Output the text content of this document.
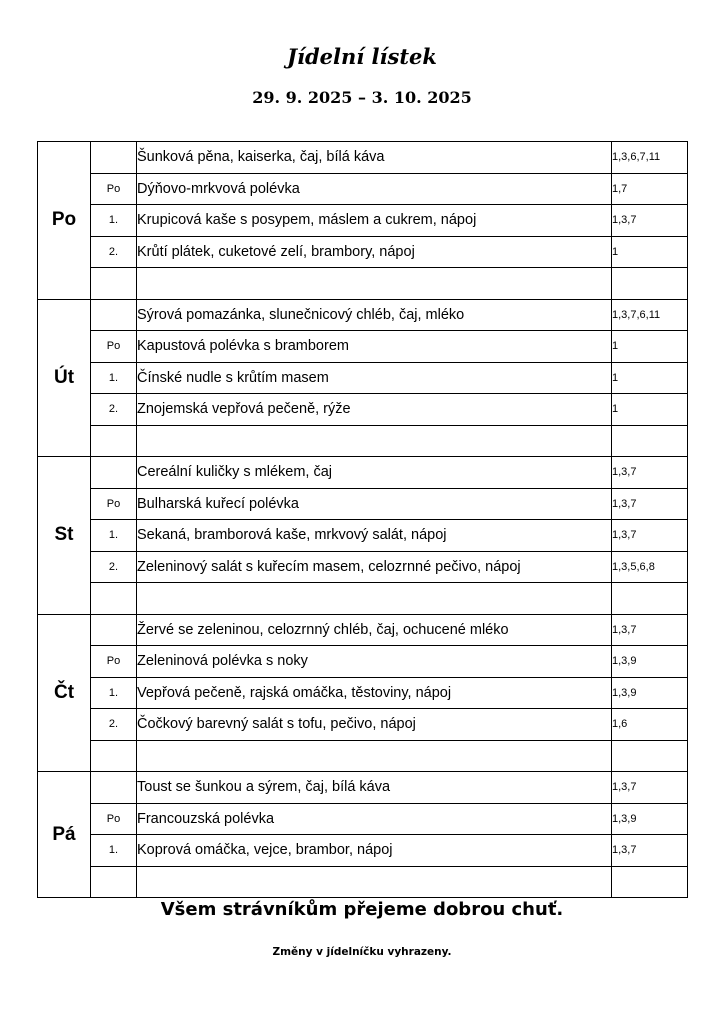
Jídelní lístek
29. 9. 2025 – 3. 10. 2025
Po		Šunková pěna, kaiserka, čaj, bílá káva	1,3,6,7,11
	Po	Dýňovo-mrkvová polévka	1,7
	1.	Krupicová kaše s posypem, máslem a cukrem, nápoj	1,3,7
	2.	Krůtí plátek, cuketové zelí, brambory, nápoj	1

Út		Sýrová pomazánka, slunečnicový chléb, čaj, mléko	1,3,7,6,11
	Po	Kapustová polévka s bramborem	1
	1.	Čínské nudle s krůtím masem	1
	2.	Znojemská vepřová pečeně, rýže	1

St		Cereální kuličky s mlékem, čaj	1,3,7
	Po	Bulharská kuřecí polévka	1,3,7
	1.	Sekaná, bramborová kaše, mrkvový salát, nápoj	1,3,7
	2.	Zeleninový salát s kuřecím masem, celozrnné pečivo, nápoj	1,3,5,6,8

Čt		Žervé se zeleninou, celozrnný chléb, čaj, ochucené mléko	1,3,7
	Po	Zeleninová polévka s noky	1,3,9
	1.	Vepřová pečeně, rajská omáčka, těstoviny, nápoj	1,3,9
	2.	Čočkový barevný salát s tofu, pečivo, nápoj	1,6

Pá		Toust se šunkou a sýrem, čaj, bílá káva	1,3,7
	Po	Francouzská polévka	1,3,9
	1.	Koprová omáčka, vejce, brambor, nápoj	1,3,7

Všem strávníkům přejeme dobrou chuť.

Změny v jídelníčku vyhrazeny.
